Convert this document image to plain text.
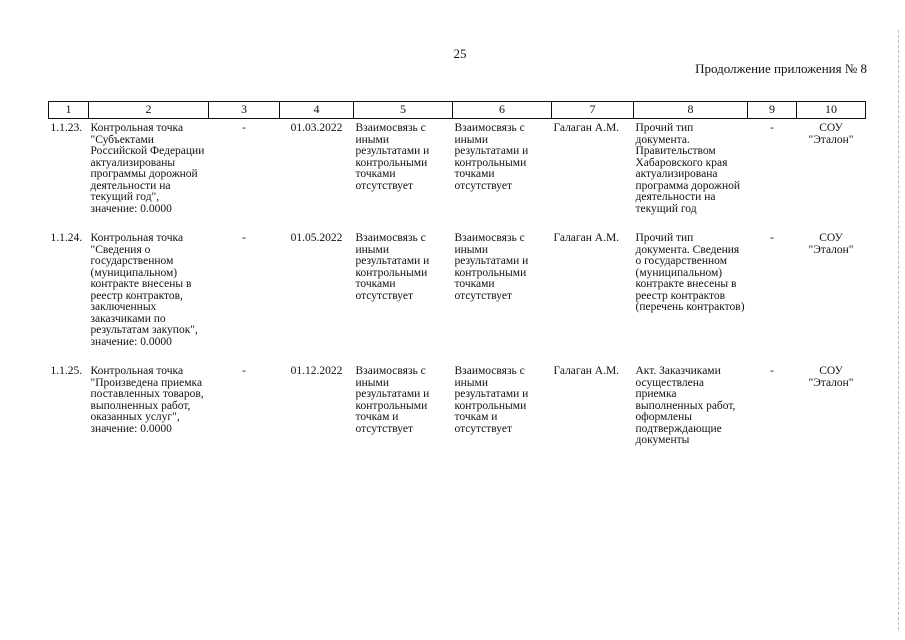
25
Продолжение приложения № 8
1	2	3	4	5	6	7	8	9	10
1.1.23.	Контрольная точка "Субъектами Российской Федерации актуализированы программы дорожной деятельности на текущий год", значение: 0.0000	-	01.03.2022	Взаимосвязь с иными результатами и контрольными точками отсутствует	Взаимосвязь с иными результатами и контрольными точками отсутствует	Галаган А.М.	Прочий тип документа. Правительством Хабаровского края актуализирована программа дорожной деятельности на текущий год	-	СОУ "Эталон"
1.1.24.	Контрольная точка "Сведения о государственном (муниципальном) контракте внесены в реестр контрактов, заключенных заказчиками по результатам закупок", значение: 0.0000	-	01.05.2022	Взаимосвязь с иными результатами и контрольными точками отсутствует	Взаимосвязь с иными результатами и контрольными точками отсутствует	Галаган А.М.	Прочий тип документа. Сведения о государственном (муниципальном) контракте внесены в реестр контрактов (перечень контрактов)	-	СОУ "Эталон"
1.1.25.	Контрольная точка "Произведена приемка поставленных товаров, выполненных работ, оказанных услуг", значение: 0.0000	-	01.12.2022	Взаимосвязь с иными результатами и контрольными точкам и отсутствует	Взаимосвязь с иными результатами и контрольными точкам и отсутствует	Галаган А.М.	Акт. Заказчиками осуществлена приемка выполненных работ, оформлены подтверждающие документы	-	СОУ "Эталон"
